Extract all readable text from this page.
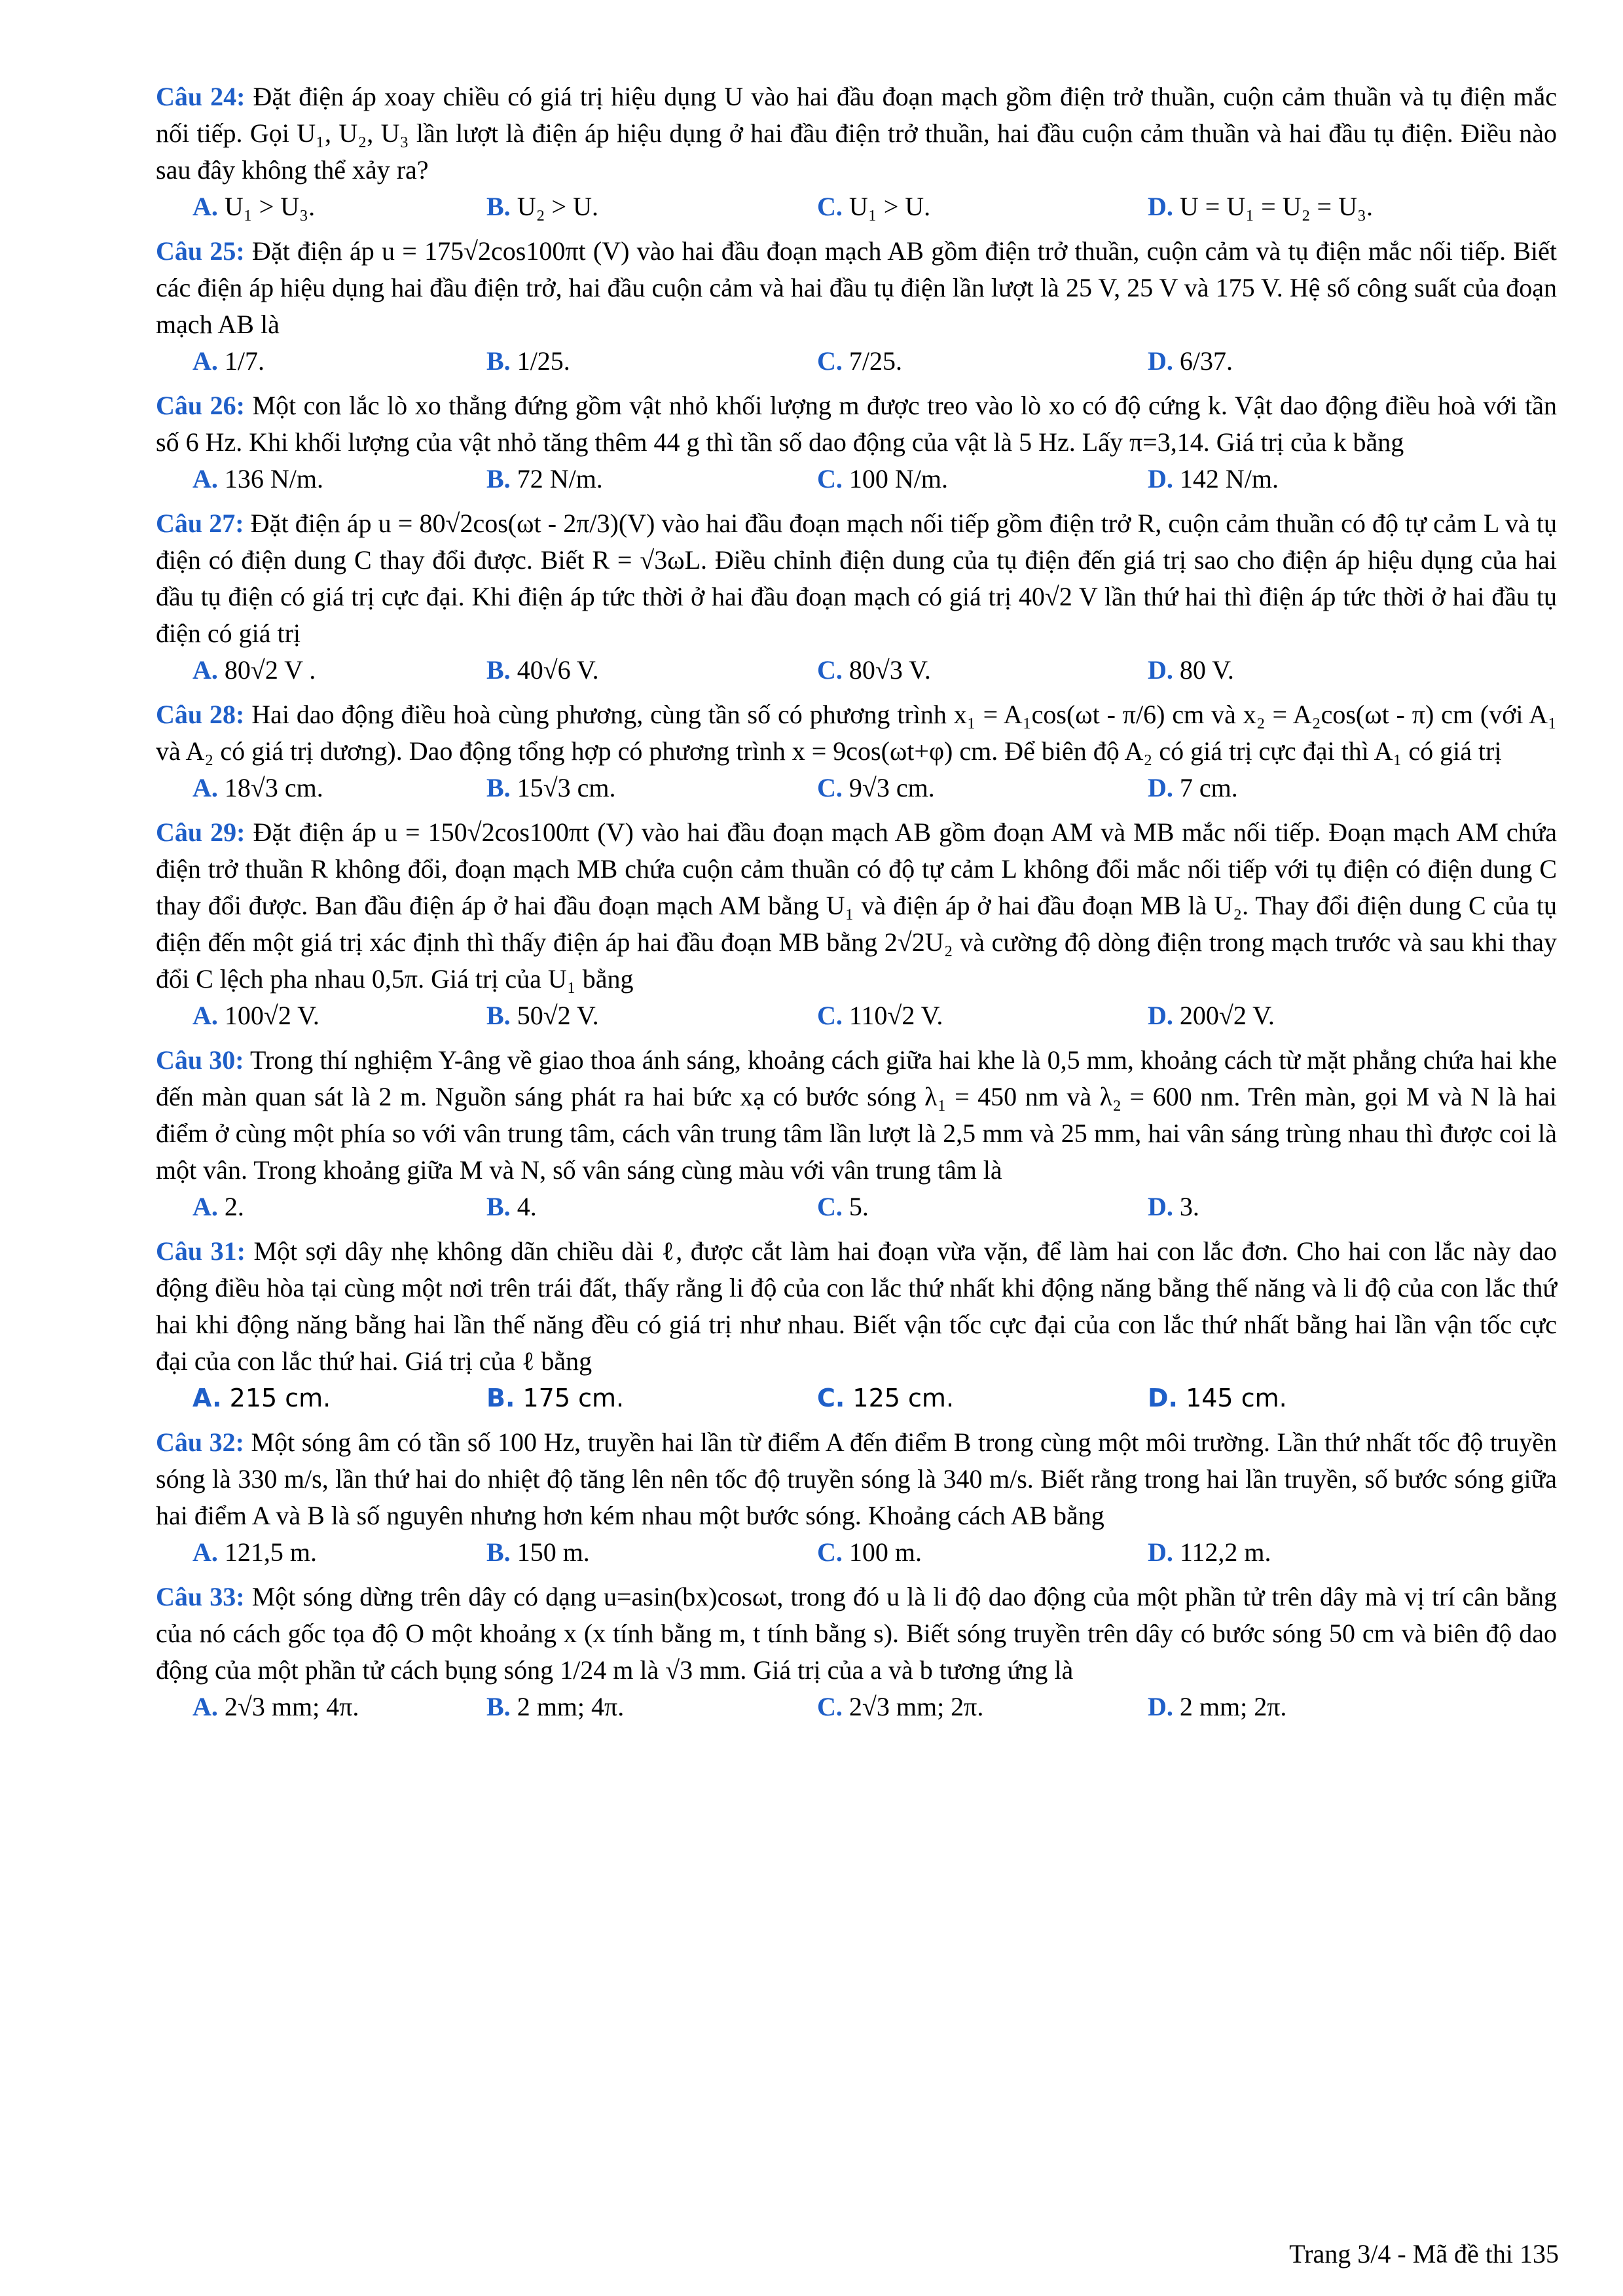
Câu 24: Đặt điện áp xoay chiều có giá trị hiệu dụng U vào hai đầu đoạn mạch gồm điện trở thuần, cuộn cảm thuần và tụ điện mắc nối tiếp. Gọi U₁, U₂, U₃ lần lượt là điện áp hiệu dụng ở hai đầu điện trở thuần, hai đầu cuộn cảm thuần và hai đầu tụ điện. Điều nào sau đây không thể xảy ra?
A. U₁ > U₃.	B. U₂ > U.	C. U₁ > U.	D. U = U₁ = U₂ = U₃.
Câu 25: Đặt điện áp u = 175√2cos100πt (V) vào hai đầu đoạn mạch AB gồm điện trở thuần, cuộn cảm và tụ điện mắc nối tiếp. Biết các điện áp hiệu dụng hai đầu điện trở, hai đầu cuộn cảm và hai đầu tụ điện lần lượt là 25 V, 25 V và 175 V. Hệ số công suất của đoạn mạch AB là
A. 1/7.	B. 1/25.	C. 7/25.	D. 6/37.
Câu 26: Một con lắc lò xo thẳng đứng gồm vật nhỏ khối lượng m được treo vào lò xo có độ cứng k. Vật dao động điều hoà với tần số 6 Hz. Khi khối lượng của vật nhỏ tăng thêm 44 g thì tần số dao động của vật là 5 Hz. Lấy π=3,14. Giá trị của k bằng
A. 136 N/m.	B. 72 N/m.	C. 100 N/m.	D. 142 N/m.
Câu 27: Đặt điện áp u = 80√2cos(ωt - 2π/3)(V) vào hai đầu đoạn mạch nối tiếp gồm điện trở R, cuộn cảm thuần có độ tự cảm L và tụ điện có điện dung C thay đổi được. Biết R = √3ωL. Điều chỉnh điện dung của tụ điện đến giá trị sao cho điện áp hiệu dụng của hai đầu tụ điện có giá trị cực đại. Khi điện áp tức thời ở hai đầu đoạn mạch có giá trị 40√2 V lần thứ hai thì điện áp tức thời ở hai đầu tụ điện có giá trị
A. 80√2 V .	B. 40√6 V.	C. 80√3 V.	D. 80 V.
Câu 28: Hai dao động điều hoà cùng phương, cùng tần số có phương trình x₁ = A₁cos(ωt - π/6) cm và x₂ = A₂cos(ωt - π) cm (với A₁ và A₂ có giá trị dương). Dao động tổng hợp có phương trình x = 9cos(ωt+φ) cm. Để biên độ A₂ có giá trị cực đại thì A₁ có giá trị
A. 18√3 cm.	B. 15√3 cm.	C. 9√3 cm.	D. 7 cm.
Câu 29: Đặt điện áp u = 150√2cos100πt (V) vào hai đầu đoạn mạch AB gồm đoạn AM và MB mắc nối tiếp. Đoạn mạch AM chứa điện trở thuần R không đổi, đoạn mạch MB chứa cuộn cảm thuần có độ tự cảm L không đổi mắc nối tiếp với tụ điện có điện dung C thay đổi được. Ban đầu điện áp ở hai đầu đoạn mạch AM bằng U₁ và điện áp ở hai đầu đoạn MB là U₂. Thay đổi điện dung C của tụ điện đến một giá trị xác định thì thấy điện áp hai đầu đoạn MB bằng 2√2U₂ và cường độ dòng điện trong mạch trước và sau khi thay đổi C lệch pha nhau 0,5π. Giá trị của U₁ bằng
A. 100√2 V.	B. 50√2 V.	C. 110√2 V.	D. 200√2 V.
Câu 30: Trong thí nghiệm Y-âng về giao thoa ánh sáng, khoảng cách giữa hai khe là 0,5 mm, khoảng cách từ mặt phẳng chứa hai khe đến màn quan sát là 2 m. Nguồn sáng phát ra hai bức xạ có bước sóng λ₁ = 450 nm và λ₂ = 600 nm. Trên màn, gọi M và N là hai điểm ở cùng một phía so với vân trung tâm, cách vân trung tâm lần lượt là 2,5 mm và 25 mm, hai vân sáng trùng nhau thì được coi là một vân. Trong khoảng giữa M và N, số vân sáng cùng màu với vân trung tâm là
A. 2.	B. 4.	C. 5.	D. 3.
Câu 31: Một sợi dây nhẹ không dãn chiều dài ℓ, được cắt làm hai đoạn vừa vặn, để làm hai con lắc đơn. Cho hai con lắc này dao động điều hòa tại cùng một nơi trên trái đất, thấy rằng li độ của con lắc thứ nhất khi động năng bằng thế năng và li độ của con lắc thứ hai khi động năng bằng hai lần thế năng đều có giá trị như nhau. Biết vận tốc cực đại của con lắc thứ nhất bằng hai lần vận tốc cực đại của con lắc thứ hai. Giá trị của ℓ bằng
A. 215 cm.	B. 175 cm.	C. 125 cm.	D. 145 cm.
Câu 32: Một sóng âm có tần số 100 Hz, truyền hai lần từ điểm A đến điểm B trong cùng một môi trường. Lần thứ nhất tốc độ truyền sóng là 330 m/s, lần thứ hai do nhiệt độ tăng lên nên tốc độ truyền sóng là 340 m/s. Biết rằng trong hai lần truyền, số bước sóng giữa hai điểm A và B là số nguyên nhưng hơn kém nhau một bước sóng. Khoảng cách AB bằng
A. 121,5 m.	B. 150 m.	C. 100 m.	D. 112,2 m.
Câu 33: Một sóng dừng trên dây có dạng u=asin(bx)cosωt, trong đó u là li độ dao động của một phần tử trên dây mà vị trí cân bằng của nó cách gốc tọa độ O một khoảng x (x tính bằng m, t tính bằng s). Biết sóng truyền trên dây có bước sóng 50 cm và biên độ dao động của một phần tử cách bụng sóng 1/24 m là √3 mm. Giá trị của a và b tương ứng là
A. 2√3 mm; 4π.	B. 2 mm; 4π.	C. 2√3 mm; 2π.	D. 2 mm; 2π.
Trang 3/4 - Mã đề thi 135
